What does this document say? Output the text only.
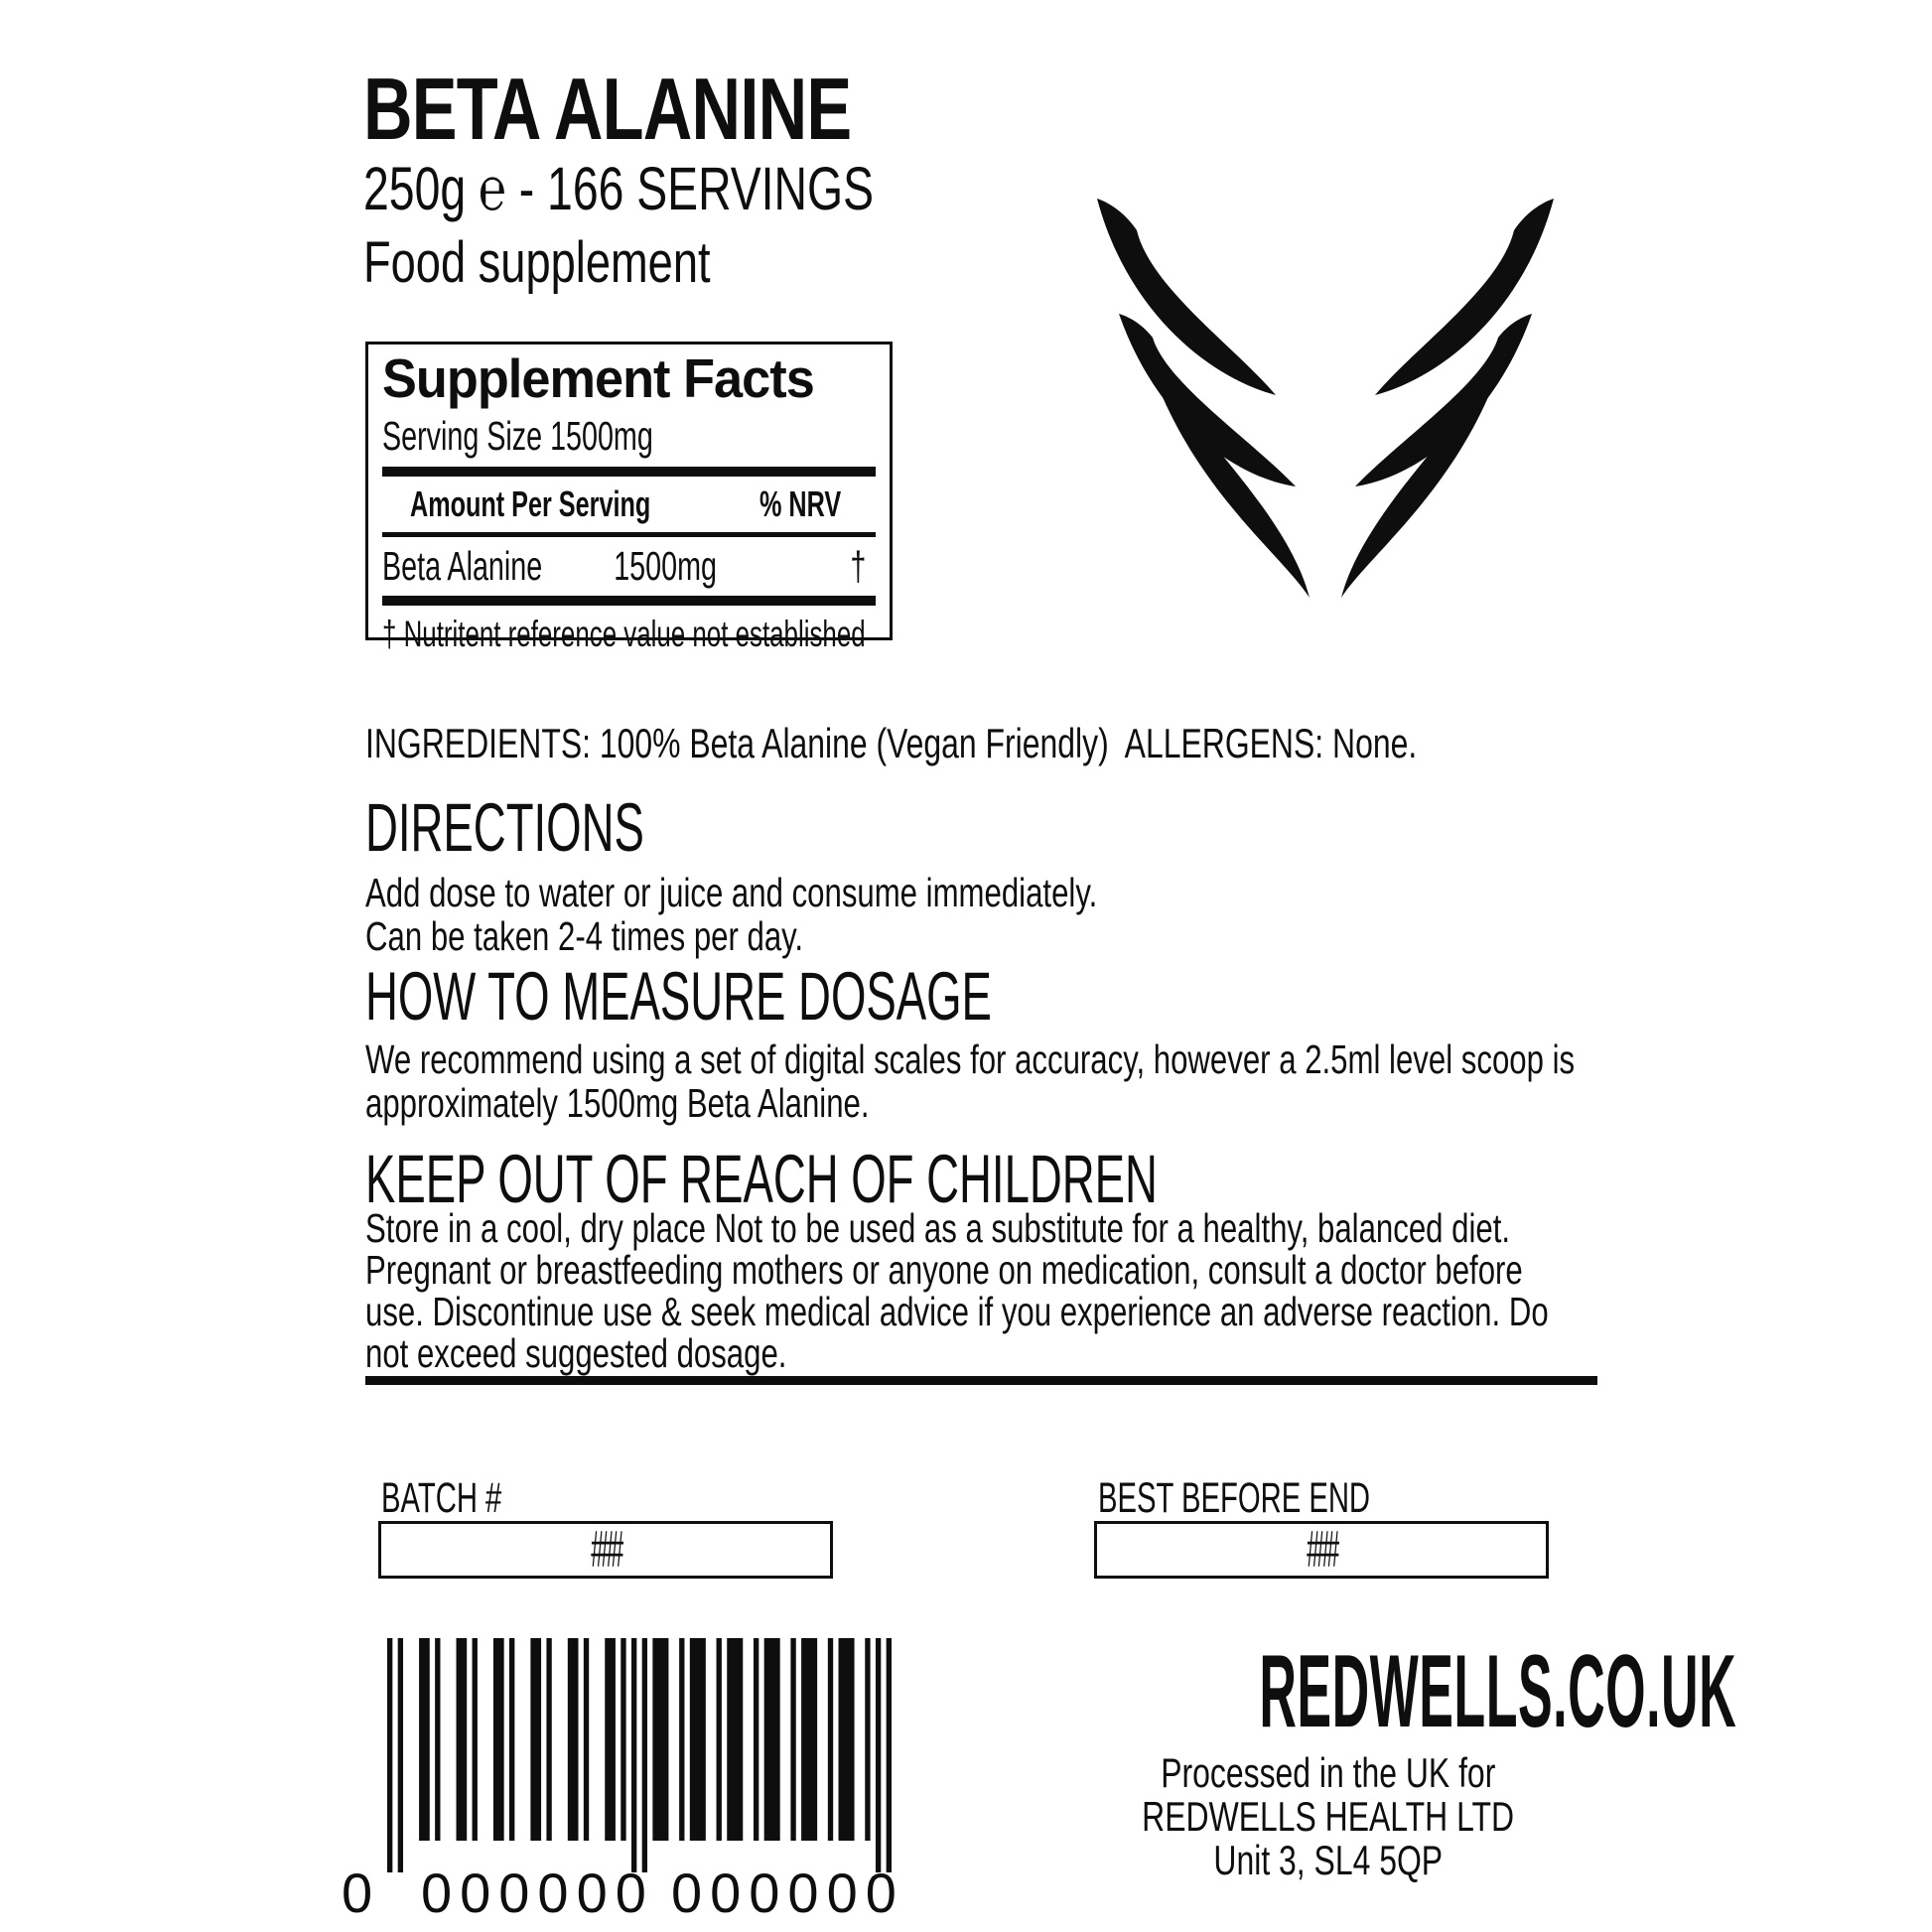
BETA ALANINE
250g ℮ - 166 SERVINGS
Food supplement
Supplement Facts
Serving Size 1500mg
Amount Per Serving	% NRV
Beta Alanine	1500mg	†
† Nutritent reference value not established
INGREDIENTS: 100% Beta Alanine (Vegan Friendly)  ALLERGENS: None.
DIRECTIONS
Add dose to water or juice and consume immediately.
Can be taken 2-4 times per day.
HOW TO MEASURE DOSAGE
We recommend using a set of digital scales for accuracy, however a 2.5ml level scoop is
approximately 1500mg Beta Alanine.
KEEP OUT OF REACH OF CHILDREN
Store in a cool, dry place Not to be used as a substitute for a healthy, balanced diet.
Pregnant or breastfeeding mothers or anyone on medication, consult a doctor before
use. Discontinue use & seek medical advice if you experience an adverse reaction. Do
not exceed suggested dosage.
BATCH #
###
BEST BEFORE END
###
0 000000 000000
REDWELLS.CO.UK
Processed in the UK for
REDWELLS HEALTH LTD
Unit 3, SL4 5QP
